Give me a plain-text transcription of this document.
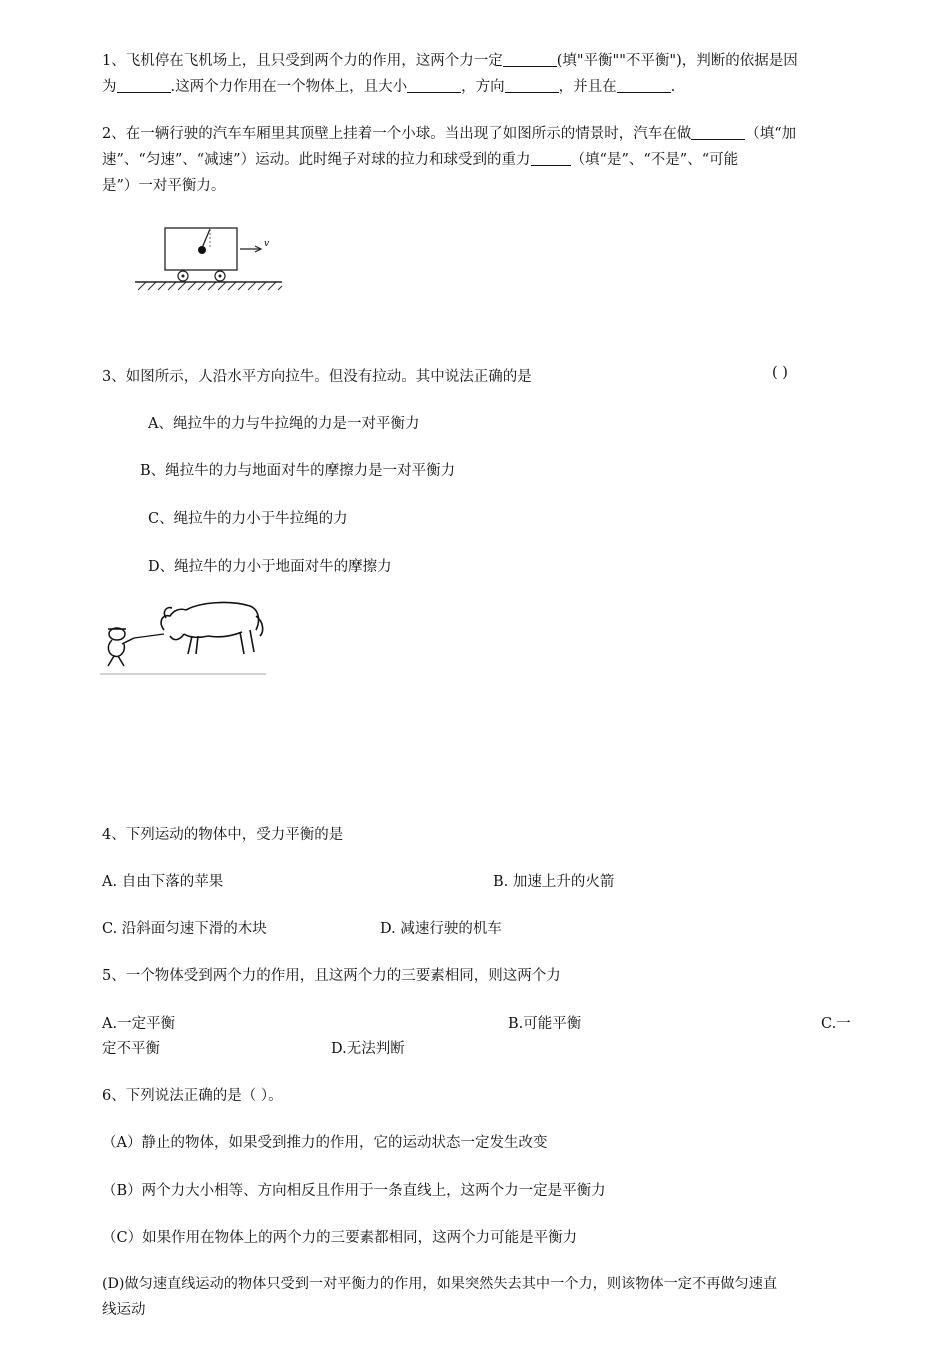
1、飞机停在飞机场上，且只受到两个力的作用，这两个力一定	(填"平衡""不平衡")，判断的依据是因
为	.这两个力作用在一个物体上，且大小	，方向	，并且在	.
2、在一辆行驶的汽车车厢里其顶壁上挂着一个小球。当出现了如图所示的情景时，汽车在做	（填“加
速”、“匀速”、“减速”）运动。此时绳子对球的拉力和球受到的重力	（填“是”、“不是”、“可能
是”）一对平衡力。
v
3、如图所示，人沿水平方向拉牛。但没有拉动。其中说法正确的是	( )
A、绳拉牛的力与牛拉绳的力是一对平衡力
B、绳拉牛的力与地面对牛的摩擦力是一对平衡力
C、绳拉牛的力小于牛拉绳的力
D、绳拉牛的力小于地面对牛的摩擦力
4、下列运动的物体中，受力平衡的是
A. 自由下落的苹果	B. 加速上升的火箭
C. 沿斜面匀速下滑的木块	D. 减速行驶的机车
5、一个物体受到两个力的作用，且这两个力的三要素相同，则这两个力
A.一定平衡	B.可能平衡	C.一
定不平衡	D.无法判断
6、下列说法正确的是（ ）。
（A）静止的物体，如果受到推力的作用，它的运动状态一定发生改变
（B）两个力大小相等、方向相反且作用于一条直线上，这两个力一定是平衡力
（C）如果作用在物体上的两个力的三要素都相同，这两个力可能是平衡力
(D)做匀速直线运动的物体只受到一对平衡力的作用，如果突然失去其中一个力，则该物体一定不再做匀速直
线运动
